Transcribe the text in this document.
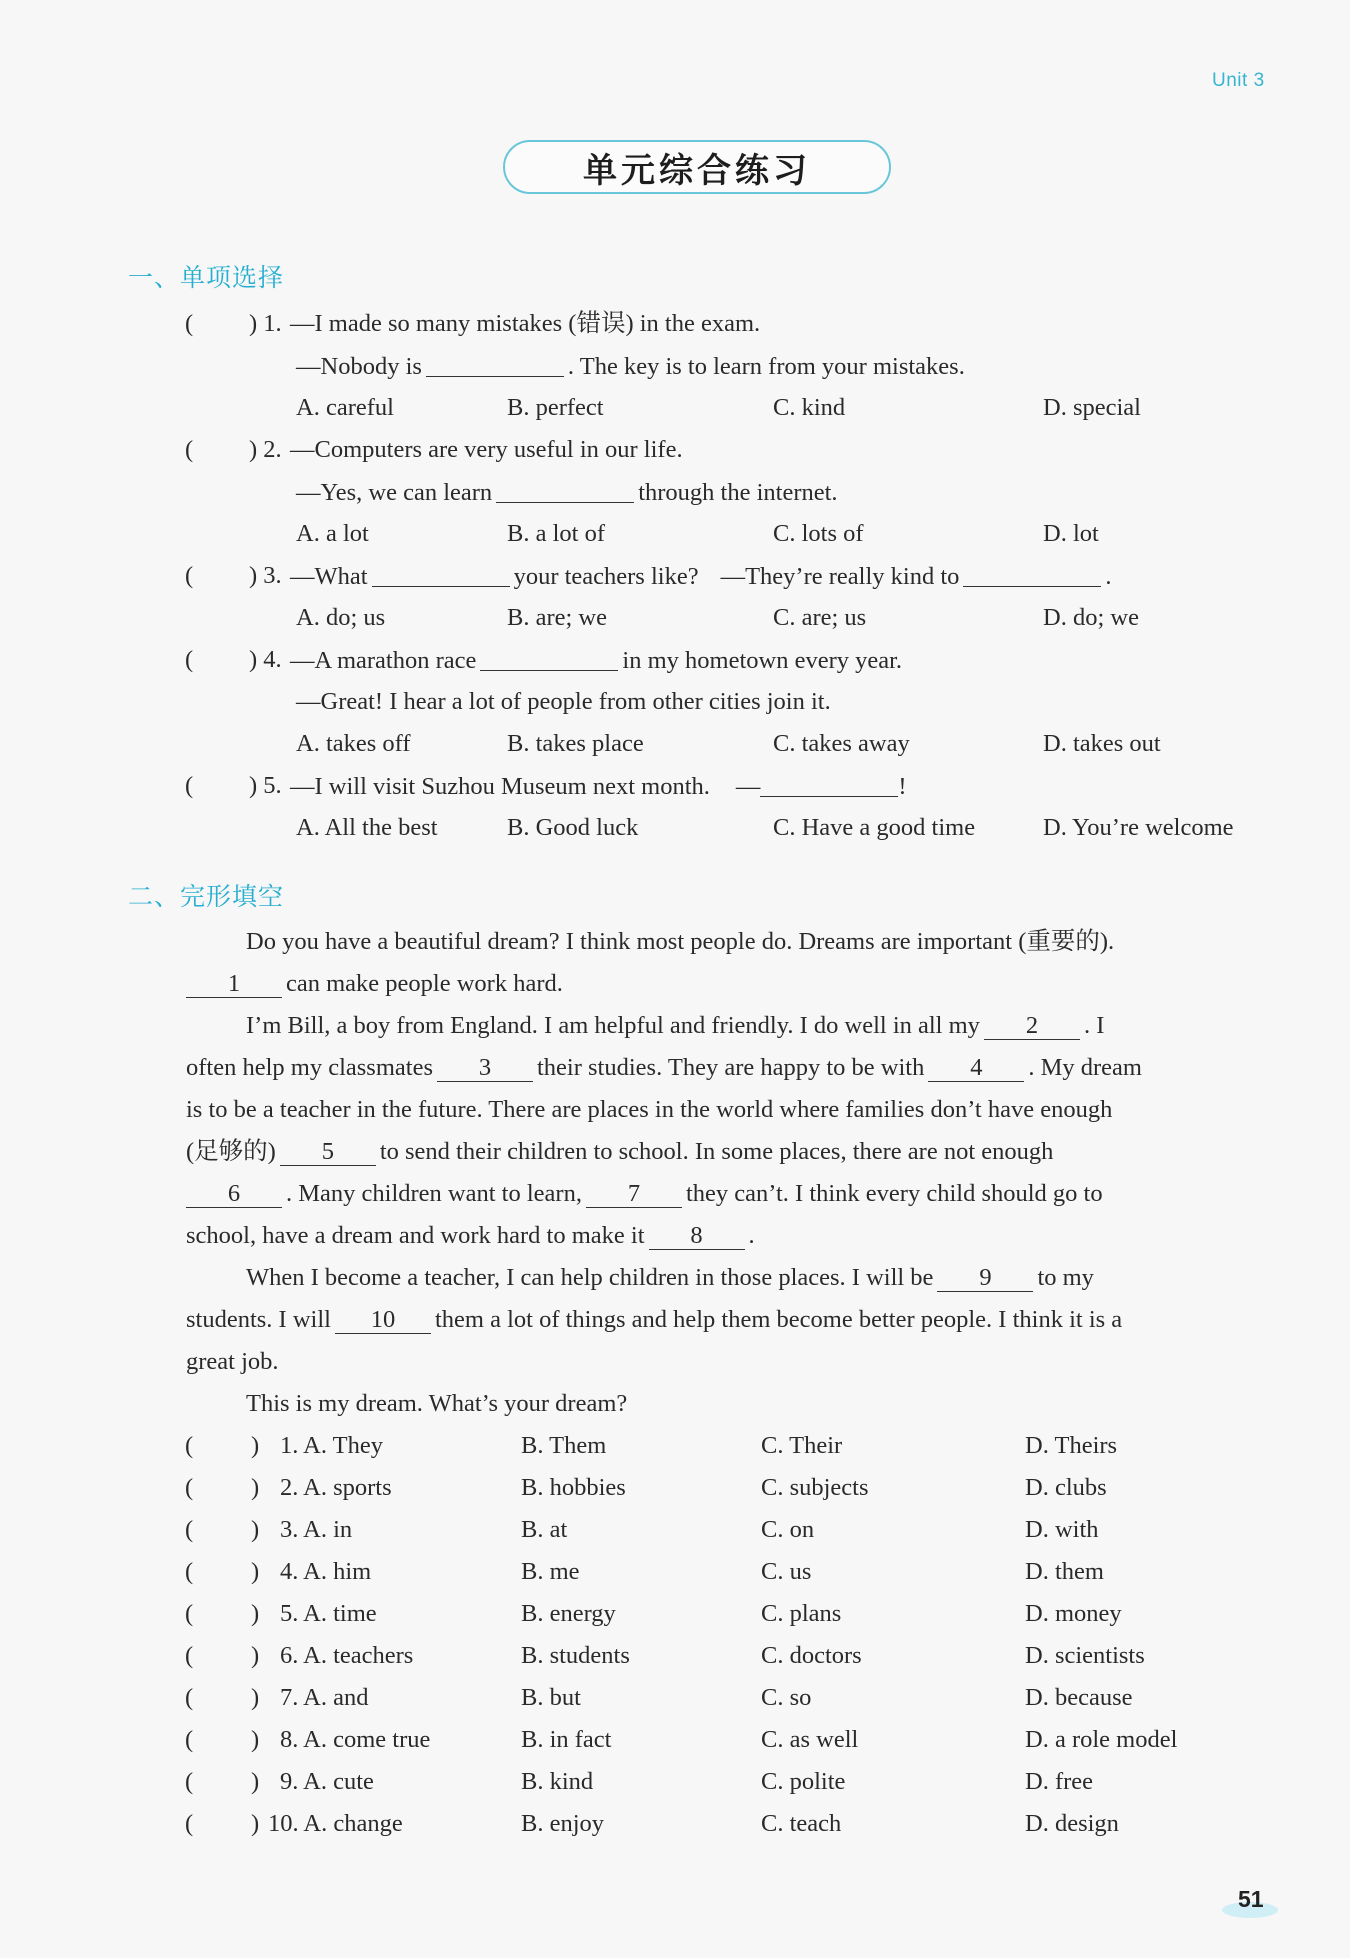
Unit 3
单元综合练习
一、单项选择
( ) 1. —I made so many mistakes (错误) in the exam.
—Nobody is	. The key is to learn from your mistakes.
A. careful	B. perfect	C. kind	D. special
( ) 2. —Computers are very useful in our life.
—Yes, we can learn	through the internet.
A. a lot	B. a lot of	C. lots of	D. lot
( ) 3. —What	your teachers like? —They’re really kind to	.
A. do; us	B. are; we	C. are; us	D. do; we
( ) 4. —A marathon race	in my hometown every year.
—Great! I hear a lot of people from other cities join it.
A. takes off	B. takes place	C. takes away	D. takes out
( ) 5. —I will visit Suzhou Museum next month. —	!
A. All the best	B. Good luck	C. Have a good time	D. You’re welcome
二、完形填空
Do you have a beautiful dream? I think most people do. Dreams are important (重要的).
1 can make people work hard.
I’m Bill, a boy from England. I am helpful and friendly. I do well in all my 2 . I
often help my classmates 3 their studies. They are happy to be with 4 . My dream
is to be a teacher in the future. There are places in the world where families don’t have enough
(足够的) 5 to send their children to school. In some places, there are not enough
6 . Many children want to learn, 7 they can’t. I think every child should go to
school, have a dream and work hard to make it 8 .
When I become a teacher, I can help children in those places. I will be 9 to my
students. I will 10 them a lot of things and help them become better people. I think it is a
great job.
This is my dream. What’s your dream?
( ) 1. A. They	B. Them	C. Their	D. Theirs
( ) 2. A. sports	B. hobbies	C. subjects	D. clubs
( ) 3. A. in	B. at	C. on	D. with
( ) 4. A. him	B. me	C. us	D. them
( ) 5. A. time	B. energy	C. plans	D. money
( ) 6. A. teachers	B. students	C. doctors	D. scientists
( ) 7. A. and	B. but	C. so	D. because
( ) 8. A. come true	B. in fact	C. as well	D. a role model
( ) 9. A. cute	B. kind	C. polite	D. free
( ) 10. A. change	B. enjoy	C. teach	D. design
51
